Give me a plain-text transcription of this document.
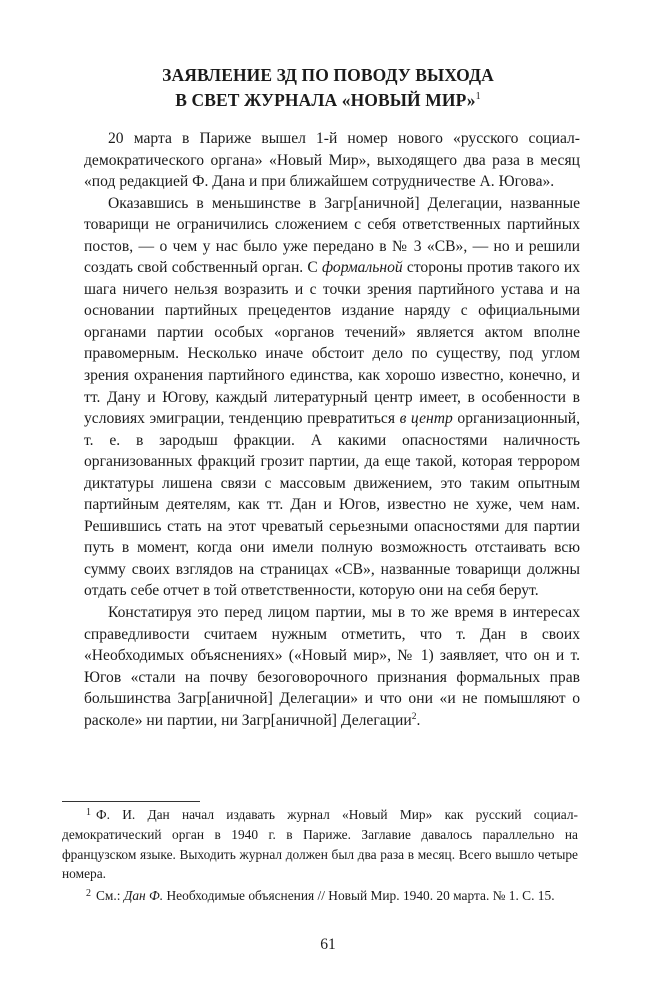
ЗАЯВЛЕНИЕ ЗД ПО ПОВОДУ ВЫХОДА
В СВЕТ ЖУРНАЛА «НОВЫЙ МИР»$^1$

20 марта в Париже вышел 1-й номер нового «русского социал-демократического органа» «Новый Мир», выходящего два раза в месяц «под редакцией Ф. Дана и при ближайшем сотрудничестве А. Югова».

Оказавшись в меньшинстве в Загр[аничной] Делегации, названные товарищи не ограничились сложением с себя ответственных партийных постов, — о чем у нас было уже передано в № 3 «СВ», — но и решили создать свой собственный орган. С формальной стороны против такого их шага ничего нельзя возразить и с точки зрения партийного устава и на основании партийных прецедентов издание наряду с официальными органами партии особых «органов течений» является актом вполне правомерным. Несколько иначе обстоит дело по существу, под углом зрения охранения партийного единства, как хорошо известно, конечно, и тт. Дану и Югову, каждый литературный центр имеет, в особенности в условиях эмиграции, тенденцию превратиться в центр организационный, т. е. в зародыш фракции. А какими опасностями наличность организованных фракций грозит партии, да еще такой, которая террором диктатуры лишена связи с массовым движением, это таким опытным партийным деятелям, как тт. Дан и Югов, известно не хуже, чем нам. Решившись стать на этот чреватый серьезными опасностями для партии путь в момент, когда они имели полную возможность отстаивать всю сумму своих взглядов на страницах «СВ», названные товарищи должны отдать себе отчет в той ответственности, которую они на себя берут.

Констатируя это перед лицом партии, мы в то же время в интересах справедливости считаем нужным отметить, что т. Дан в своих «Необходимых объяснениях» («Новый мир», № 1) заявляет, что он и т. Югов «стали на почву безоговорочного признания формальных прав большинства Загр[аничной] Делегации» и что они «и не помышляют о расколе» ни партии, ни Загр[аничной] Делегации$^2$.

$^1$ Ф. И. Дан начал издавать журнал «Новый Мир» как русский социал-демократический орган в 1940 г. в Париже. Заглавие давалось параллельно на французском языке. Выходить журнал должен был два раза в месяц. Всего вышло четыре номера.

$^2$ См.: Дан Ф. Необходимые объяснения // Новый Мир. 1940. 20 марта. № 1. С. 15.

61
